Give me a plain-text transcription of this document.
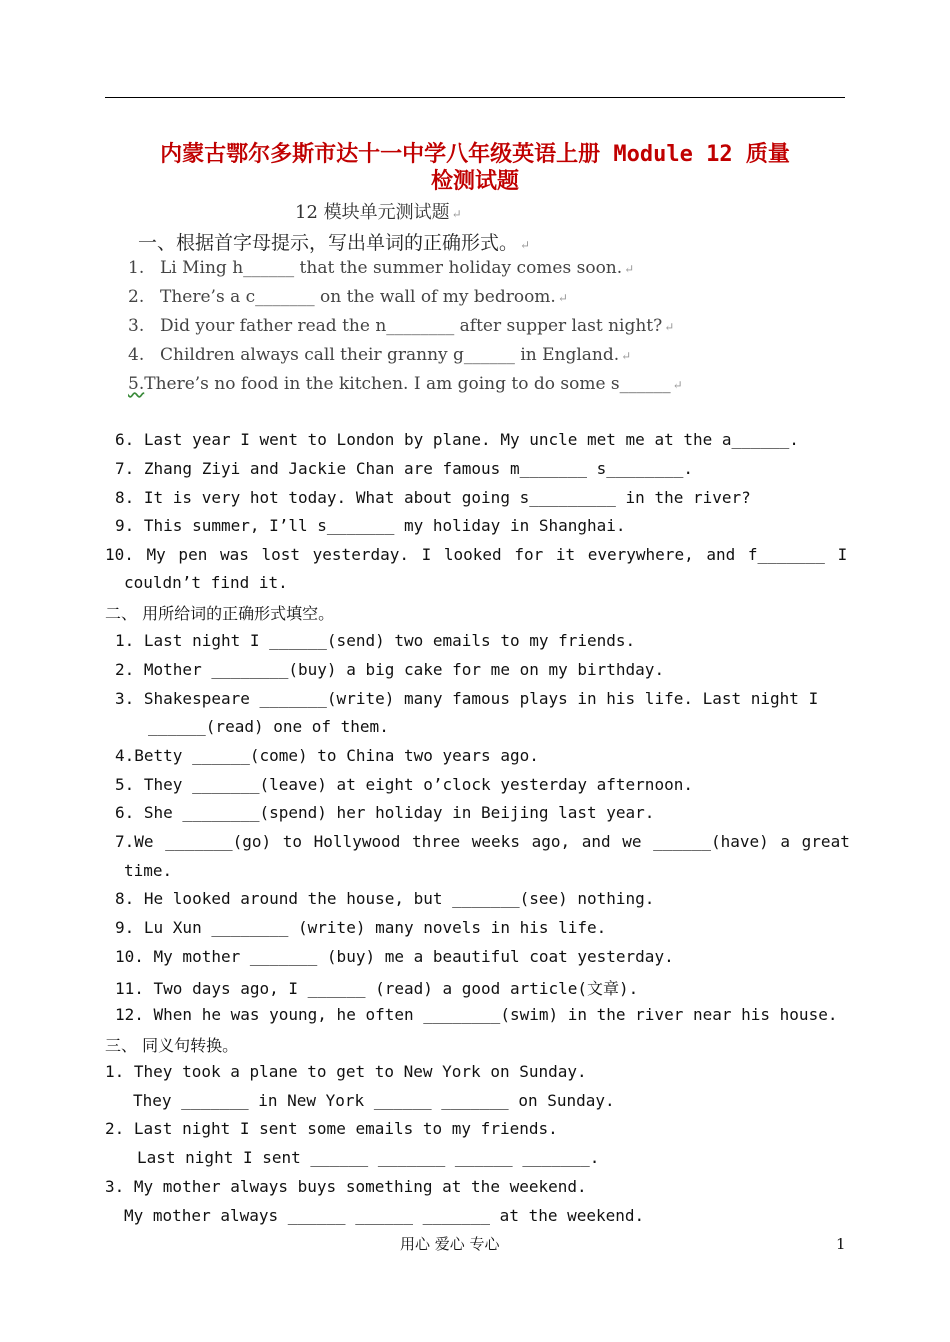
内蒙古鄂尔多斯市达十一中学八年级英语上册 Module 12 质量
检测试题
12 模块单元测试题 ↵
一、根据首字母提示，写出单词的正确形式。 ↵
1. Li Ming h______ that the summer holiday comes soon. ↵
2. There’s a c_______ on the wall of my bedroom. ↵
3. Did your father read the n________ after supper last night? ↵
4. Children always call their granny g______ in England. ↵
5.There’s no food in the kitchen. I am going to do some s______ ↵
6. Last year I went to London by plane. My uncle met me at the a______.
7. Zhang Ziyi and Jackie Chan are famous m_______ s________.
8. It is very hot today. What about going s_________ in the river?
9. This summer, I’ll s_______ my holiday in Shanghai.
10. My pen was lost yesterday. I looked for it everywhere, and f_______ I
couldn’t find it.
二、 用所给词的正确形式填空。
1. Last night I ______(send) two emails to my friends.
2. Mother ________(buy) a big cake for me on my birthday.
3. Shakespeare _______(write) many famous plays in his life. Last night I
______(read) one of them.
4.Betty ______(come) to China two years ago.
5. They _______(leave) at eight o’clock yesterday afternoon.
6. She ________(spend) her holiday in Beijing last year.
7.We _______(go) to Hollywood three weeks ago, and we ______(have) a great
time.
8. He looked around the house, but _______(see) nothing.
9. Lu Xun ________ (write) many novels in his life.
10. My mother _______ (buy) me a beautiful coat yesterday.
11. Two days ago, I ______ (read) a good article(文章).
12. When he was young, he often ________(swim) in the river near his house.
三、 同义句转换。
1. They took a plane to get to New York on Sunday.
They _______ in New York ______ _______ on Sunday.
2. Last night I sent some emails to my friends.
Last night I sent ______ _______ ______ _______.
3. My mother always buys something at the weekend.
My mother always ______ ______ _______ at the weekend.
用心 爱心 专心	1
